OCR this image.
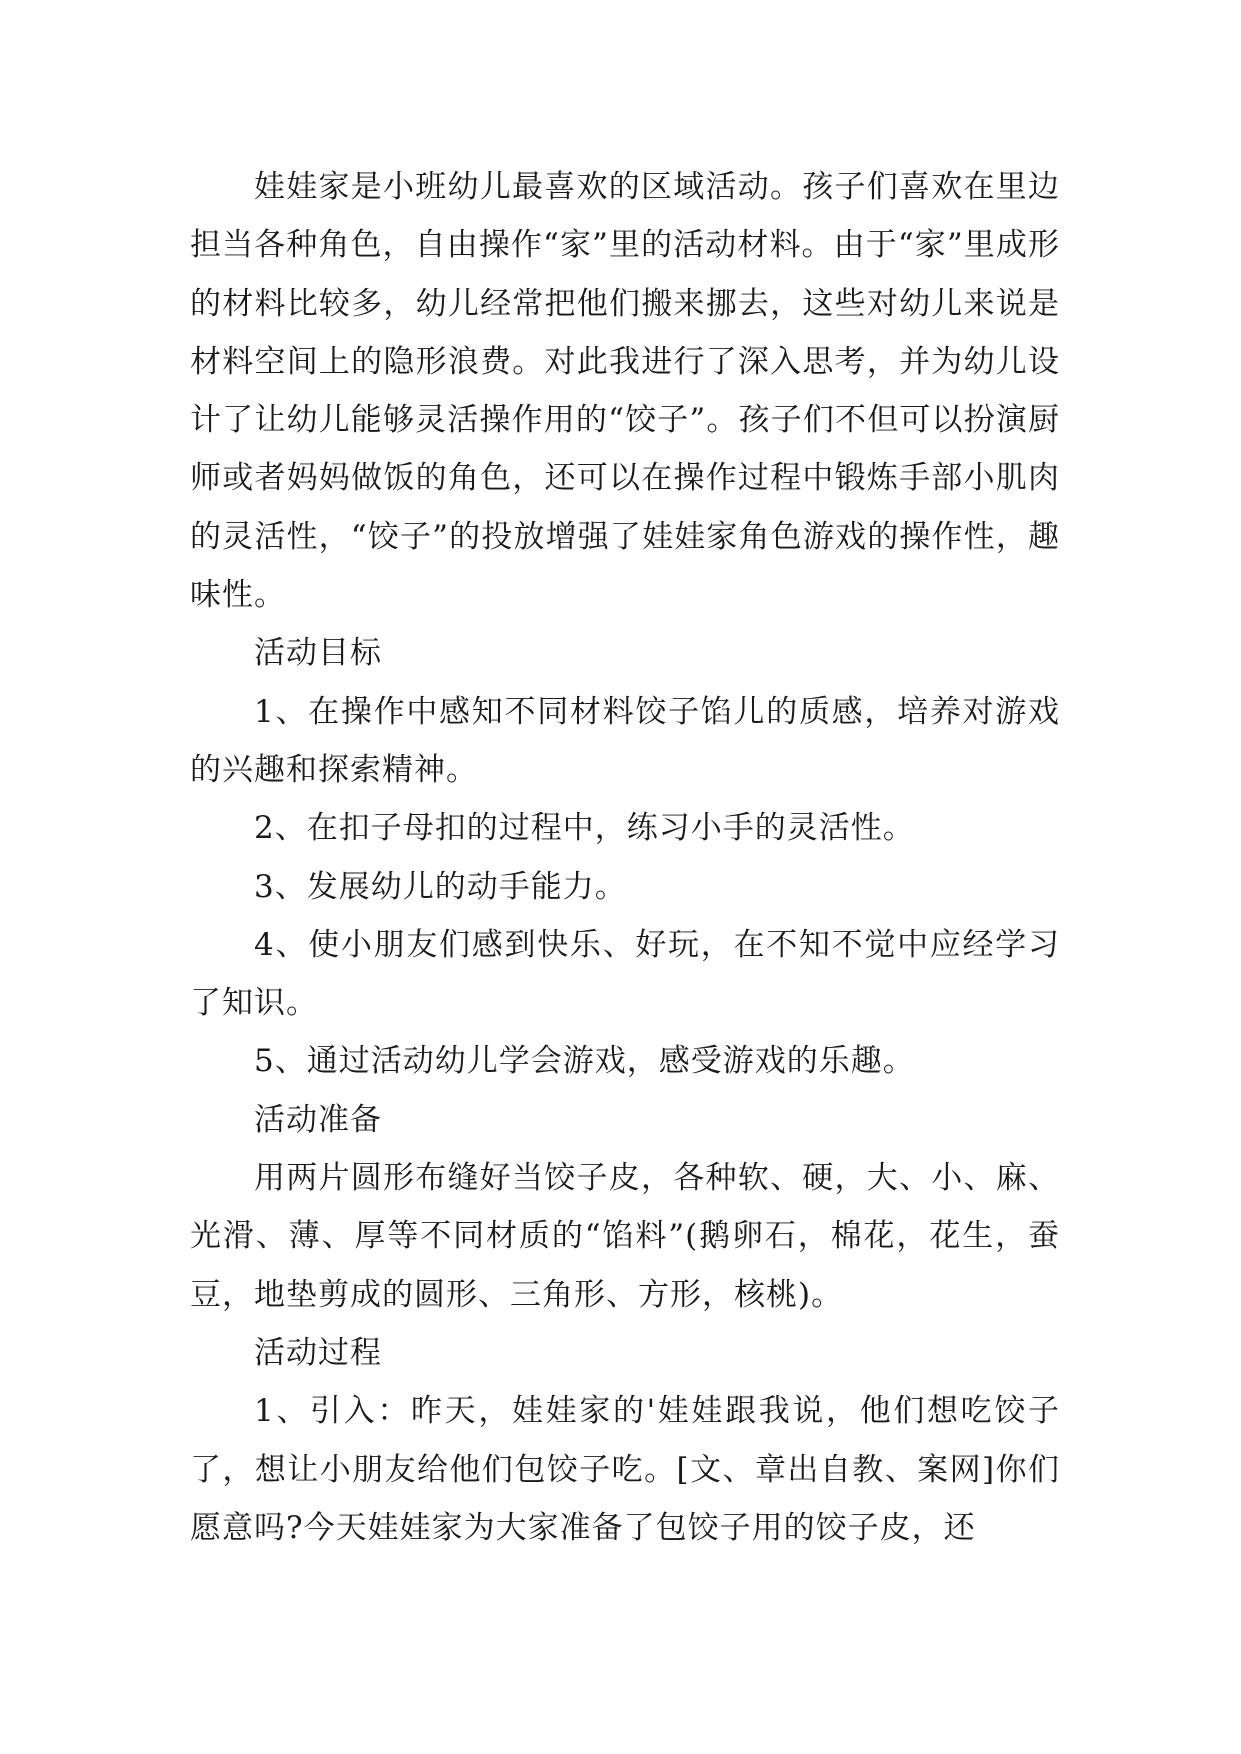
娃娃家是小班幼儿最喜欢的区域活动。孩子们喜欢在里边担当各种角色，自由操作“家”里的活动材料。由于“家”里成形的材料比较多，幼儿经常把他们搬来挪去，这些对幼儿来说是材料空间上的隐形浪费。对此我进行了深入思考，并为幼儿设计了让幼儿能够灵活操作用的“饺子”。孩子们不但可以扮演厨师或者妈妈做饭的角色，还可以在操作过程中锻炼手部小肌肉的灵活性，“饺子”的投放增强了娃娃家角色游戏的操作性，趣味性。

活动目标

1、在操作中感知不同材料饺子馅儿的质感，培养对游戏的兴趣和探索精神。

2、在扣子母扣的过程中，练习小手的灵活性。

3、发展幼儿的动手能力。

4、使小朋友们感到快乐、好玩，在不知不觉中应经学习了知识。

5、通过活动幼儿学会游戏，感受游戏的乐趣。

活动准备

用两片圆形布缝好当饺子皮，各种软、硬，大、小、麻、光滑、薄、厚等不同材质的“馅料”(鹅卵石，棉花，花生，蚕豆，地垫剪成的圆形、三角形、方形，核桃)。

活动过程

1、引入：昨天，娃娃家的'娃娃跟我说，他们想吃饺子了，想让小朋友给他们包饺子吃。[文、章出自教、案网]你们愿意吗?今天娃娃家为大家准备了包饺子用的饺子皮，还
